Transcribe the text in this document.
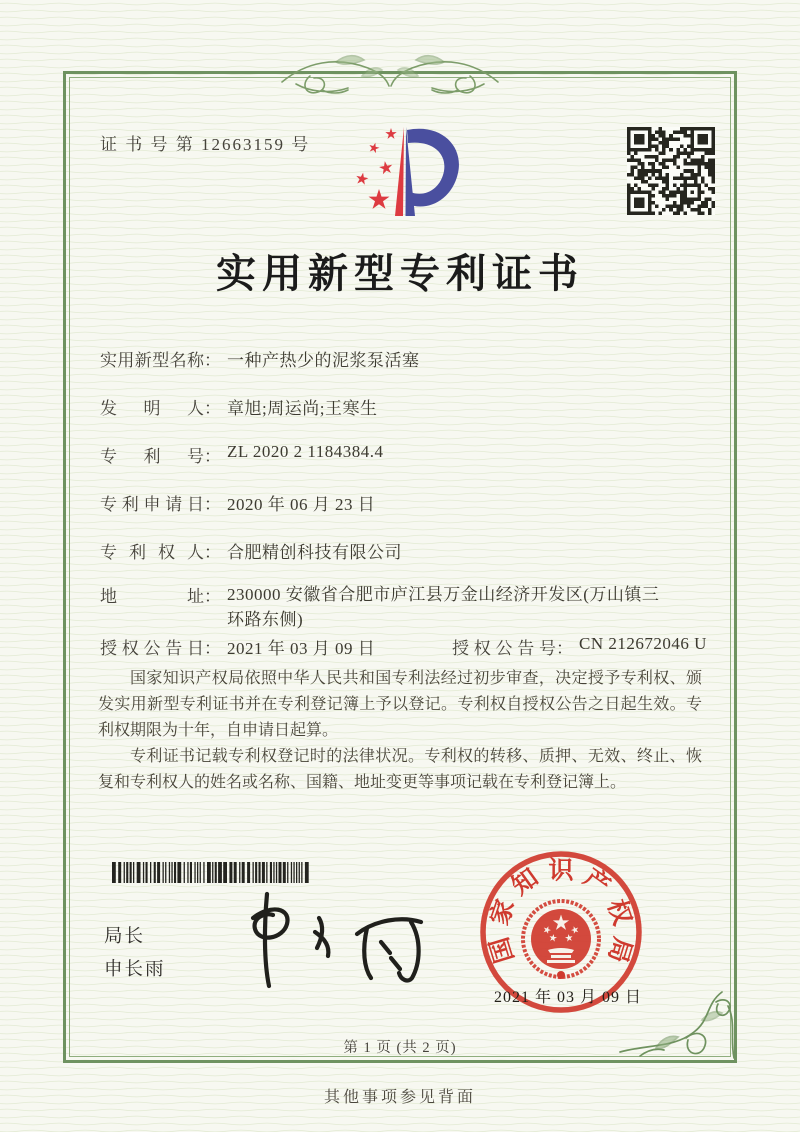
证 书 号 第 12663159 号
实用新型专利证书
实用新型名称： 一种产热少的泥浆泵活塞
发明人： 章旭;周运尚;王寒生
专利号： ZL 2020 2 1184384.4
专利申请日： 2020 年 06 月 23 日
专利权人： 合肥精创科技有限公司
地址： 230000 安徽省合肥市庐江县万金山经济开发区(万山镇三环路东侧)
授权公告日： 2021 年 03 月 09 日	授权公告号： CN 212672046 U

国家知识产权局依照中华人民共和国专利法经过初步审查，决定授予专利权、颁发实用新型专利证书并在专利登记簿上予以登记。专利权自授权公告之日起生效。专利权期限为十年，自申请日起算。

专利证书记载专利权登记时的法律状况。专利权的转移、质押、无效、终止、恢复和专利权人的姓名或名称、国籍、地址变更等事项记载在专利登记簿上。

局长
申长雨
国
家
知 识 产
权
局
2021 年 03 月 09 日
第 1 页 (共 2 页)
其他事项参见背面
